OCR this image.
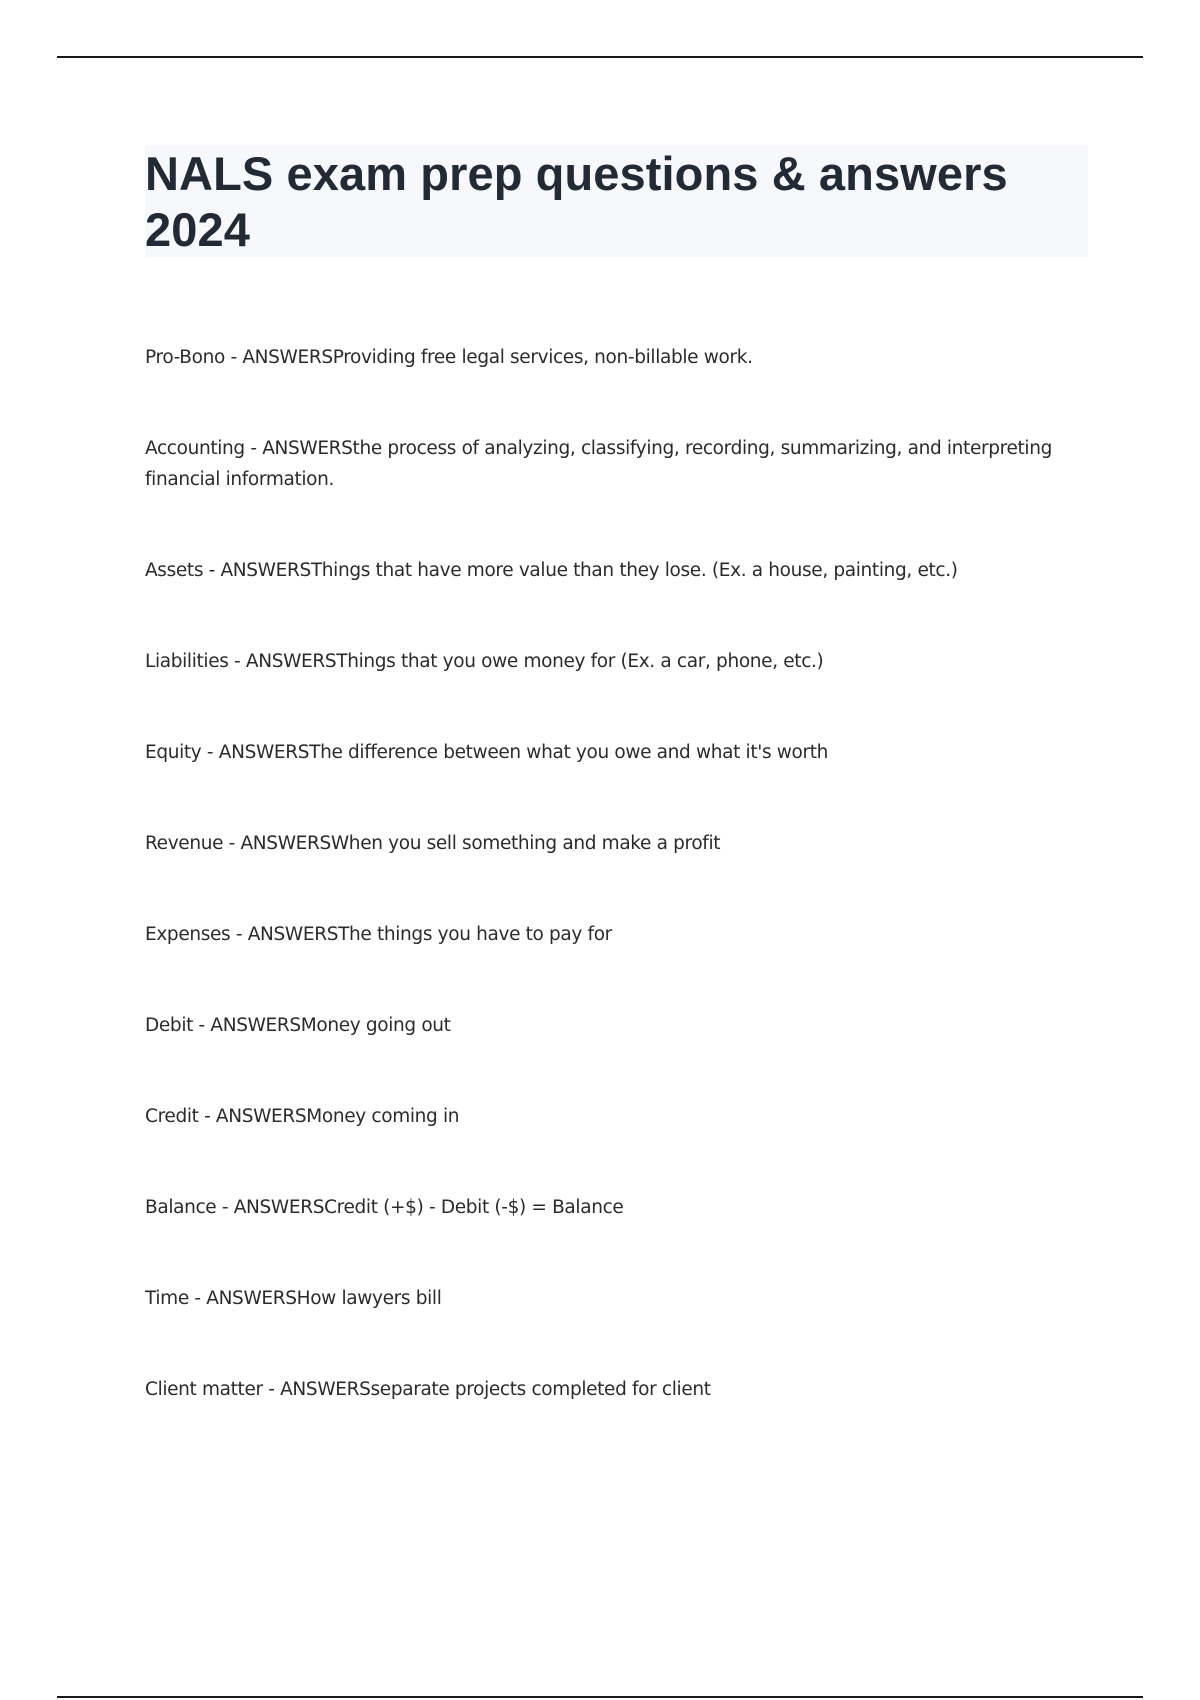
NALS exam prep questions & answers 2024
Pro-Bono - ANSWERSProviding free legal services, non-billable work.
Accounting - ANSWERSthe process of analyzing, classifying, recording, summarizing, and interpreting financial information.
Assets - ANSWERSThings that have more value than they lose. (Ex. a house, painting, etc.)
Liabilities - ANSWERSThings that you owe money for (Ex. a car, phone, etc.)
Equity - ANSWERSThe difference between what you owe and what it's worth
Revenue - ANSWERSWhen you sell something and make a profit
Expenses - ANSWERSThe things you have to pay for
Debit - ANSWERSMoney going out
Credit - ANSWERSMoney coming in
Balance - ANSWERSCredit (+$) - Debit (-$) = Balance
Time - ANSWERSHow lawyers bill
Client matter - ANSWERSseparate projects completed for client
